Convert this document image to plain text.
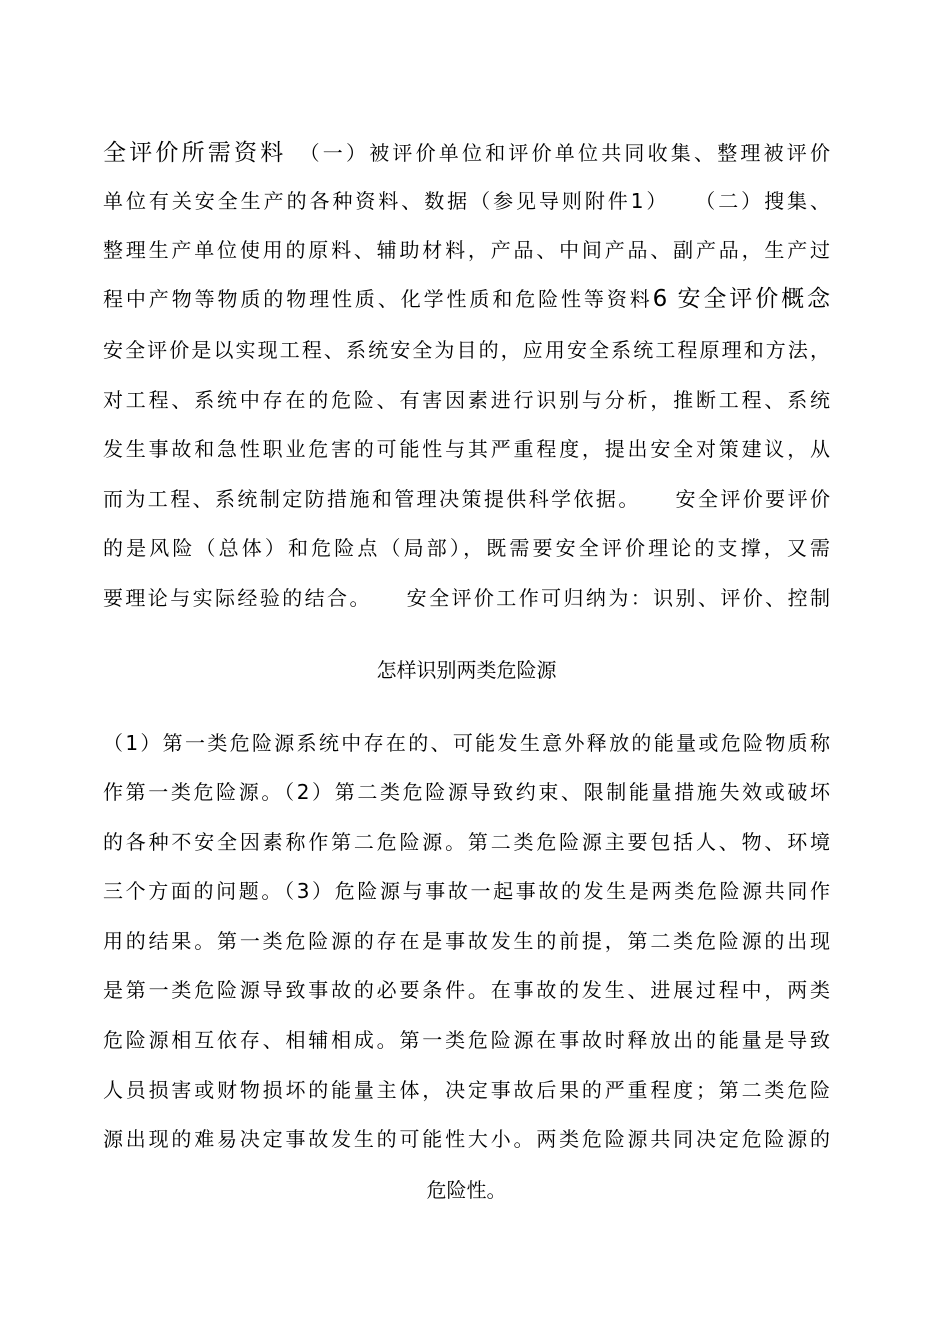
全评价所需资料　 （一）被评价单位和评价单位共同收集、整理被评价
单位有关安全生产的各种资料、数据（参见导则附件1）　　（二）搜集、
整理生产单位使用的原料、辅助材料，产品、中间产品、副产品，生产过
程中产物等物质的物理性质、化学性质和危险性等资料6 安全评价概念
安全评价是以实现工程、系统安全为目的，应用安全系统工程原理和方法，
对工程、系统中存在的危险、有害因素进行识别与分析，推断工程、系统
发生事故和急性职业危害的可能性与其严重程度，提出安全对策建议，从
而为工程、系统制定防措施和管理决策提供科学依据。　　安全评价要评价
的是风险（总体）和危险点（局部），既需要安全评价理论的支撑，又需
要理论与实际经验的结合。　　安全评价工作可归纳为：识别、评价、控制
怎样识别两类危险源
（1）第一类危险源系统中存在的、可能发生意外释放的能量或危险物质称
作第一类危险源。（2）第二类危险源导致约束、限制能量措施失效或破坏
的各种不安全因素称作第二危险源。第二类危险源主要包括人、物、环境
三个方面的问题。（3）危险源与事故一起事故的发生是两类危险源共同作
用的结果。第一类危险源的存在是事故发生的前提，第二类危险源的出现
是第一类危险源导致事故的必要条件。在事故的发生、进展过程中，两类
危险源相互依存、相辅相成。第一类危险源在事故时释放出的能量是导致
人员损害或财物损坏的能量主体，决定事故后果的严重程度；第二类危险
源出现的难易决定事故发生的可能性大小。两类危险源共同决定危险源的
危险性。
